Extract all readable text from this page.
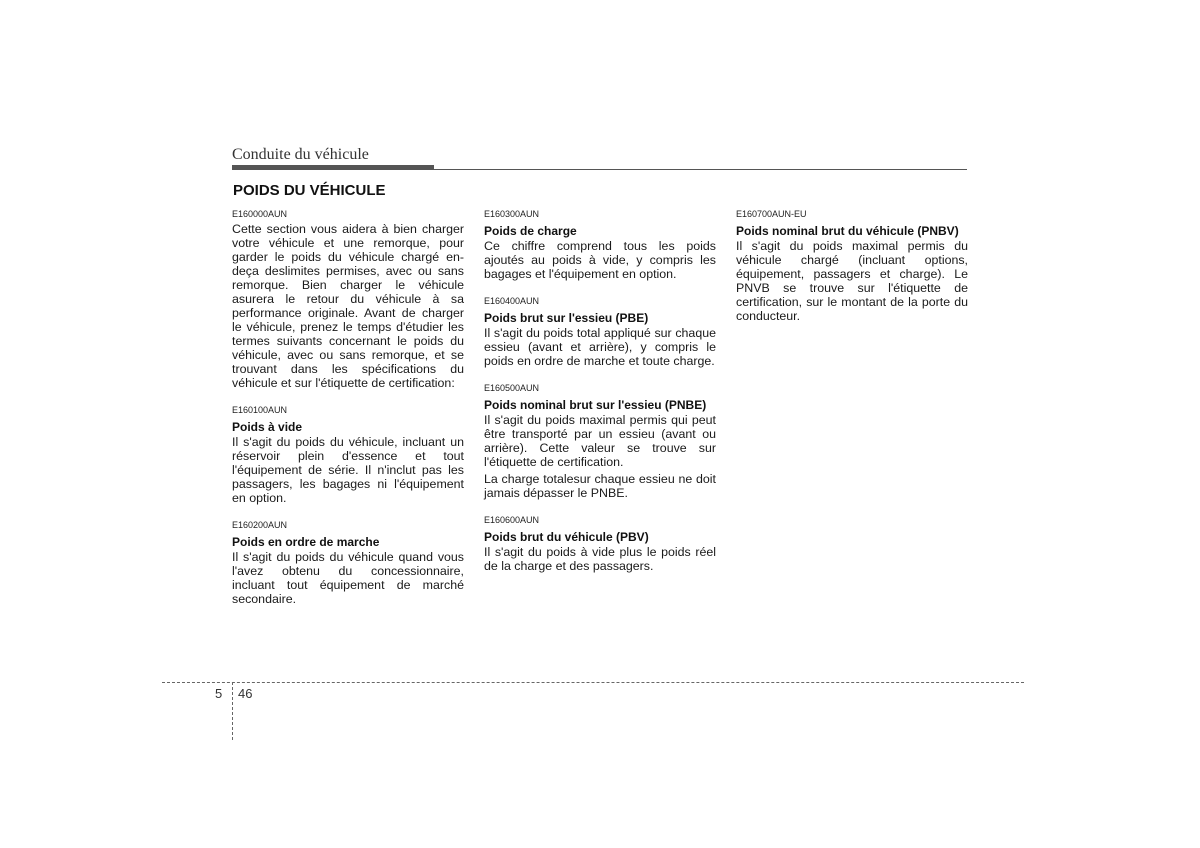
Conduite du véhicule
POIDS DU VÉHICULE
E160000AUN

Cette section vous aidera à bien charger votre véhicule et une remorque, pour garder le poids du véhicule chargé en-deça deslimites permises, avec ou sans remorque. Bien charger le véhicule asurera le retour du véhicule à sa performance originale. Avant de charger le véhicule, prenez le temps d'étudier les termes suivants concernant le poids du véhicule, avec ou sans remorque, et se trouvant dans les spécifications du véhicule et sur l'étiquette de certification:

E160100AUN
Poids à vide

Il s'agit du poids du véhicule, incluant un réservoir plein d'essence et tout l'équipement de série. Il n'inclut pas les passagers, les bagages ni l'équipement en option.

E160200AUN
Poids en ordre de marche

Il s'agit du poids du véhicule quand vous l'avez obtenu du concessionnaire, incluant tout équipement de marché secondaire.

E160300AUN
Poids de charge

Ce chiffre comprend tous les poids ajoutés au poids à vide, y compris les bagages et l'équipement en option.

E160400AUN
Poids brut sur l'essieu (PBE)

Il s'agit du poids total appliqué sur chaque essieu (avant et arrière), y compris le poids en ordre de marche et toute charge.

E160500AUN
Poids nominal brut sur l'essieu (PNBE)

Il s'agit du poids maximal permis qui peut être transporté par un essieu (avant ou arrière). Cette valeur se trouve sur l'étiquette de certification.

La charge totalesur chaque essieu ne doit jamais dépasser le PNBE.

E160600AUN
Poids brut du véhicule (PBV)

Il s'agit du poids à vide plus le poids réel de la charge et des passagers.

E160700AUN-EU
Poids nominal brut du véhicule (PNBV)

Il s'agit du poids maximal permis du véhicule chargé (incluant options, équipement, passagers et charge). Le PNVB se trouve sur l'étiquette de certification, sur le montant de la porte du conducteur.

5 46
